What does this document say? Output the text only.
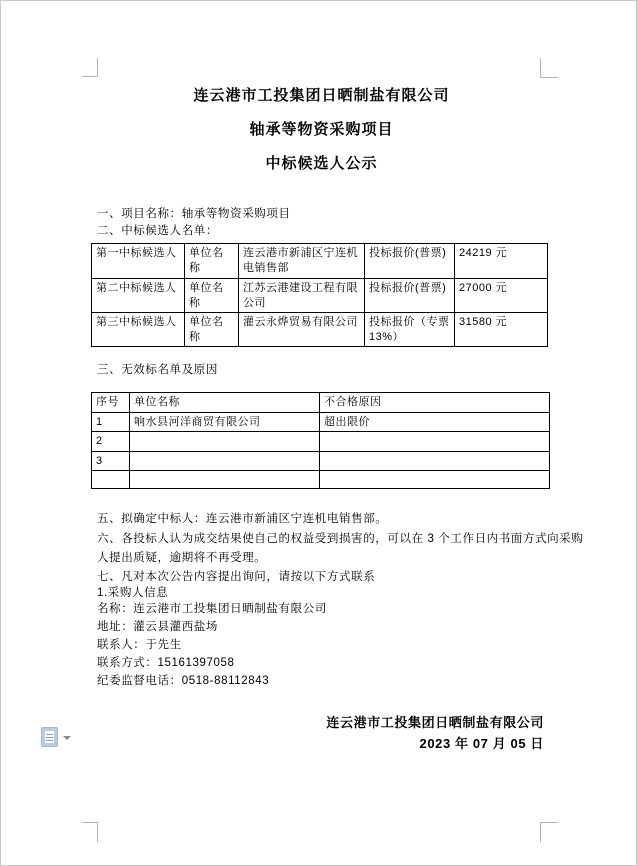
连云港市工投集团日晒制盐有限公司
轴承等物资采购项目
中标候选人公示
一、项目名称：轴承等物资采购项目
二、中标候选人名单：
第一中标候选人	单位名称	连云港市新浦区宁连机电销售部	投标报价(普票)	24219 元
第二中标候选人	单位名称	江苏云港建设工程有限公司	投标报价(普票)	27000 元
第三中标候选人	单位名称	灌云永烨贸易有限公司	投标报价（专票 13%）	31580 元
三、无效标名单及原因
序号	单位名称	不合格原因
1	响水县河洋商贸有限公司	超出限价
2		
3		

五、拟确定中标人：连云港市新浦区宁连机电销售部。
六、各投标人认为成交结果使自己的权益受到损害的，可以在 3 个工作日内书面方式向采购
人提出质疑，逾期将不再受理。
七、凡对本次公告内容提出询问，请按以下方式联系
1.采购人信息
名称：连云港市工投集团日晒制盐有限公司
地址：灌云县灌西盐场
联系人：于先生
联系方式：15161397058
纪委监督电话：0518-88112843
连云港市工投集团日晒制盐有限公司
2023 年 07 月 05 日
